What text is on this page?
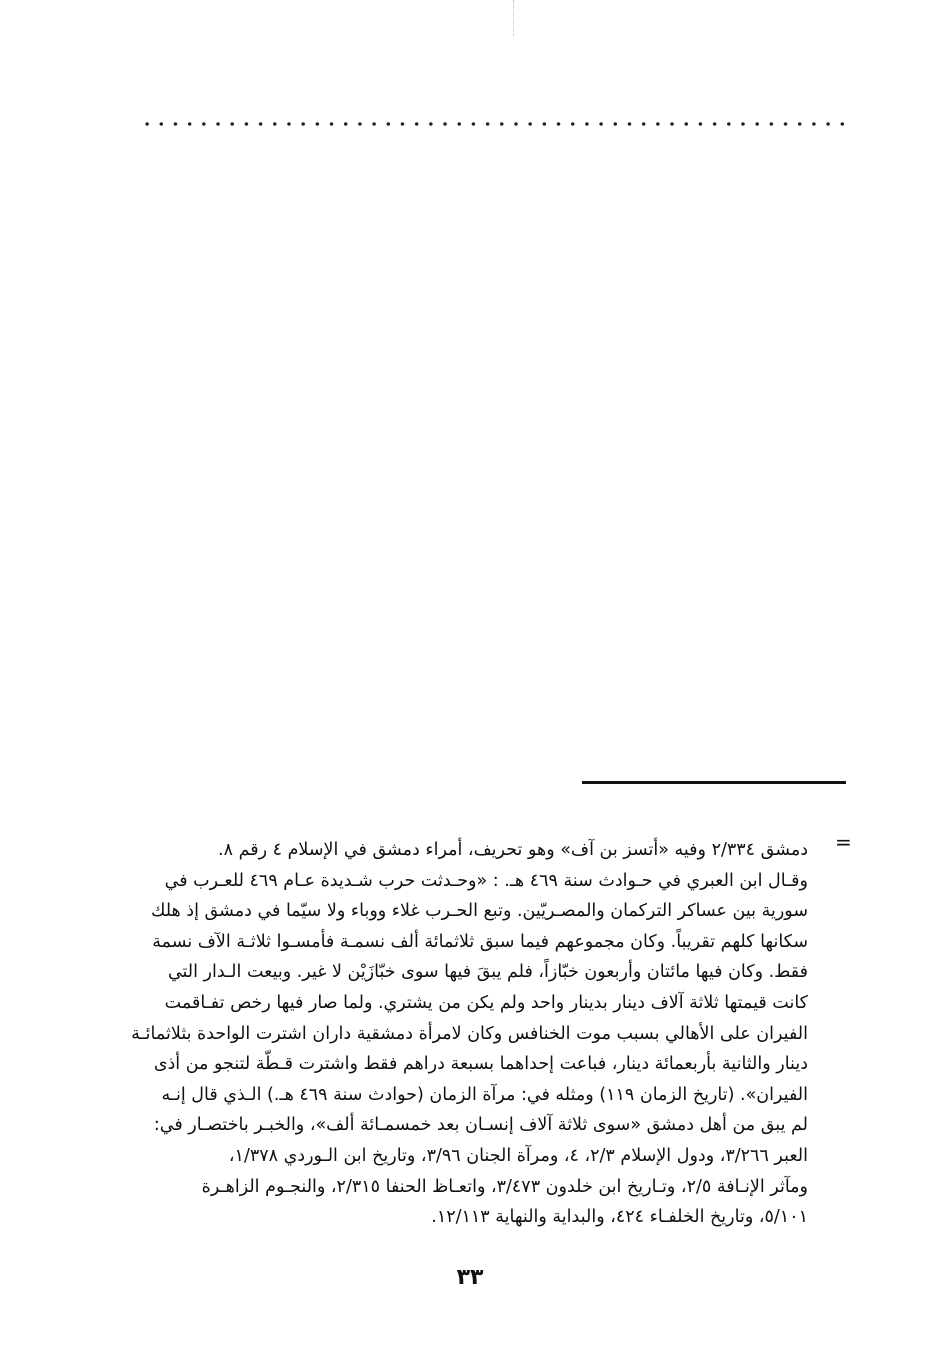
=
دمشق ٢/٣٣٤ وفيه «أتسز بن آف» وهو تحريف، أمراء دمشق في الإسلام ٤ رقم ٨.
وقـال ابن العبري في حـوادث سنة ٤٦٩ هـ. : «وحـدثت حرب شـديدة عـام ٤٦٩ للعـرب في
سورية بين عساكر التركمان والمصـريّين. وتبع الحـرب غلاء ووباء ولا سيّما في دمشق إذ هلك
سكانها كلهم تقريباً. وكان مجموعهم فيما سبق ثلاثمائة ألف نسمـة فأمسـوا ثلاثـة الآف نسمة
فقط. وكان فيها مائتان وأربعون خبّازاً، فلم يبقَ فيها سوى خبّازَيْن لا غير. وبيعت الـدار التي
كانت قيمتها ثلاثة آلاف دينار بدينار واحد ولم يكن من يشتري. ولما صار فيها رخص تفـاقمت
الفيران على الأهالي بسبب موت الخنافس وكان لامرأة دمشقية داران اشترت الواحدة بثلاثمائـة
دينار والثانية بأربعمائة دينار، فباعت إحداهما بسبعة دراهم فقط واشترت قـطّة لتنجو من أذى
الفيران». (تاريخ الزمان ١١٩) ومثله في: مرآة الزمان (حوادث سنة ٤٦٩ هـ.) الـذي قال إنـه
لم يبق من أهل دمشق «سوى ثلاثة آلاف إنسـان بعد خمسمـائة ألف»، والخبـر باختصـار في:
العبر ٣/٢٦٦، ودول الإسلام ٢/٣، ٤، ومرآة الجنان ٣/٩٦، وتاريخ ابن الـوردي ١/٣٧٨،
ومآثر الإنـافة ٢/٥، وتـاريخ ابن خلدون ٣/٤٧٣، واتعـاظ الحنفا ٢/٣١٥، والنجـوم الزاهـرة
٥/١٠١، وتاريخ الخلفـاء ٤٢٤، والبداية والنهاية ١٢/١١٣.
٣٣
